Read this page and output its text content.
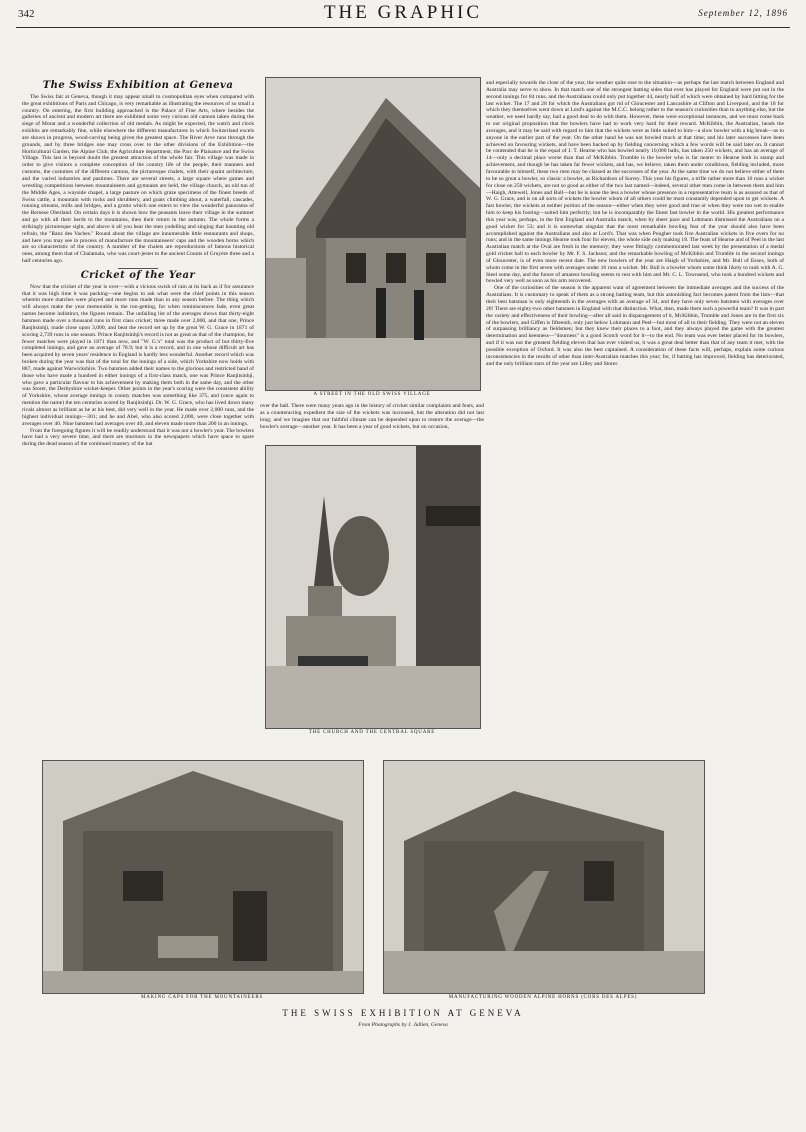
342	THE GRAPHIC	September 12, 1896
The Swiss Exhibition at Geneva

The Swiss fair at Geneva, though it may appear small to cosmopolitan eyes when compared with the great exhibitions of Paris and Chicago, is very remarkable as illustrating the resources of so small a country. On entering, the first building approached is the Palace of Fine Arts, where besides the galleries of ancient and modern art there are exhibited some very curious old cannon taken during the siege of Morat and a wonderful collection of old medals. As might be expected, the watch and clock exhibits are remarkably fine, while elsewhere the different manufactures in which Switzerland excels are shown in progress, wood-carving being given the greatest space. The River Arve runs through the grounds, and by three bridges one may cross over to the other divisions of the Exhibition—the Horticultural Garden, the Alpine Club, the Agriculture department, the Parc de Plaisance and the Swiss Village. This last is beyond doubt the greatest attraction of the whole fair. This village was made in order to give visitors a complete conception of the country life of the people, their manners and customs, the costumes of the different cantons, the picturesque chalets, with their quaint architecture, and the varied industries and pastimes. There are several streets, a large square where games and wrestling competitions between mountaineers and gymnasts are held, the village church, an old tun of the Middle Ages, a wayside chapel, a large pasture on which graze specimens of the finest breeds of Swiss cattle, a mountain with rocks and shrubbery, and goats climbing about, a waterfall, cascades, running streams, mills and bridges, and a grotto which one enters to view the wonderful panorama of the Bernese Oberland. On certain days it is shown how the peasants leave their village in the summer and go with all their herds to the mountains, then their return in the autumn. The whole forms a strikingly picturesque sight, and above it all you hear the men yodelling and singing that haunting old refrain, the "Ranz des Vaches." Round about the village are innumerable little restaurants and shops, and here you may see in process of manufacture the mountaineers' caps and the wooden horns which are so characteristic of the country. A number of the chalets are reproductions of famous historical ones, among them that of Chalamala, who was court-jester to the ancient Counts of Gruyère three and a half centuries ago.

Cricket of the Year

Now that the cricket of the year is over—with a vicious swish of rain at its back as if for assurance that it was high time it was packing—one begins to ask what were the chief points in this season wherein more matches were played and more runs made than in any season before. The thing which will always make the year memorable is the run-getting, for when reminiscences fade, even great names become indistinct, the figures remain. The unfailing list of the averages shows that thirty-eight batsmen made over a thousand runs in first class cricket; three made over 2,000, and that one, Prince Ranjitsinhji, made close upon 3,000, and beat the record set up by the great W. G. Grace in 1871 of scoring 2,739 runs in one season. Prince Ranjitsinhji's record is not as great as that of the champion, for fewer matches were played in 1871 than now, and "W. G.'s" total was the product of but thirty-five completed innings, and gave an average of 78.9; but it is a record, and in one whose difficult art has been acquired by seven years' residence in England is hardly less wonderful. Another record which was broken during the year was that of the total for the innings of a side, which Yorkshire now holds with 887, made against Warwickshire. Two batsmen added their names to the glorious and restricted band of those who have made a hundred in either innings of a first-class match, one was Prince Ranjitsinhji, who gave a particular flavour to his achievement by making them both in the same day, and the other was Storer, the Derbyshire wicket-keeper. Other points in the year's scoring were the consistent ability of Yorkshire, whose average innings in county matches was something like 375, and (once again to mention the name) the ten centuries scored by Ranjitsinhji. Dr. W. G. Grace, who has lived down many rivals almost as brilliant as he at his best, did very well in the year. He made over 2,000 runs, and the highest individual innings—301; and he and Abel, who also scored 2,000, were close together with averages over 40. Nine batsmen had averages over 40, and eleven made more than 200 in an innings.

From the foregoing figures it will be readily understood that it was not a bowler's year. The bowlers have had a very severe time, and there are murmurs in the newspapers which have space to spare during the dead season of the continued mastery of the bat

A STREET IN THE OLD SWISS VILLAGE

over the ball. There were many years ago in the history of cricket similar complaints and fears, and as a counteracting expedient the size of the wickets was increased, but the alteration did not last long; and we imagine that our faithful climate can be depended upon to restore the average—the bowler's average—another year. It has been a year of good wickets, but on occasion,

THE CHURCH AND THE CENTRAL SQUARE

and especially towards the close of the year, the weather quite rose to the situation—as perhaps the last match between England and Australia may serve to show. In that match one of the strongest batting sides that ever has played for England were put out in the second innings for 84 runs, and the Australians could only put together 44, nearly half of which were obtained by hard hitting for the last wicket. The 17 and 28 for which the Australians got rid of Gloucester and Lancashire at Clifton and Liverpool, and the 18 for which they themselves went down at Lord's against the M.C.C. belong rather to the season's curiosities than to anything else, but the weather, we need hardly say, had a good deal to do with them. However, these were exceptional instances, and we must come back to our original proposition that the bowlers have had to work very hard for their reward. McKibbin, the Australian, heads the averages, and it may be said with regard to him that the wickets were as little suited to him—a slow bowler with a big break—as to anyone in the earlier part of the year. On the other hand he was not bowled much at that time; and his later successes have been achieved on favouring wickets, and have been backed up by fielding concerning which a few words will be said later on. It cannot be contended that he is the equal of J. T. Hearne who has bowled nearly 10,000 balls, has taken 250 wickets, and has an average of 14—only a decimal place worse than that of McKibbin. Trumble is the bowler who is far nearer to Hearne both in stamp and achievement, and though he has taken far fewer wickets, and has, we believe, taken them under conditions, fielding included, more favourable to himself, these two men may be classed as the successes of the year. At the same time we do not believe either of them to be so great a bowler, so classic a bowler, as Richardson of Surrey. This year his figures, a trifle rather more than 16 runs a wicket for close on 250 wickets, are not so good as either of the two last named—indeed, several other men come in between them and him—Haigh, Attewell, Jones and Bull—but he is none the less a bowler whose presence in a representative team is as assured as that of W. G. Grace, and is on all sorts of wickets the bowler whom of all others could be most constantly depended upon to get wickets. A fast bowler, the wickets at neither portion of the season—either when they were good and true or when they were too wet to enable him to keep his footing—suited him perfectly; but he is incomparably the finest fast bowler in the world. His greatest performance this year was, perhaps, in the first England and Australia match, when by sheer pace and Lohmann dismissed the Australians on a good wicket for 53; and it is somewhat singular that the most remarkable bowling feat of the year should also have been accomplished against the Australians and also at Lord's. That was when Pougher took five Australian wickets in five overs for no runs; and in the same innings Hearne took four for eleven, the whole side only making 18. The feats of Hearne and of Peel in the last Australian match at the Oval are fresh in the memory; they were fittingly commemorated last week by the presentation of a medal gold cricket ball to each bowler by Mr. F. S. Jackson; and the remarkable bowling of McKibbin and Trumble in the second innings of Gloucester, is of even more recent date. The new bowlers of the year are Haigh of Yorkshire, and Mr. Bull of Essex, both of whom come in the first seven with averages under 16 runs a wicket. Mr. Bull is a bowler whom some think likely to rank with A. G. Steel some day, and the future of amateur bowling seems to rest with him and Mr. C. L. Townsend, who took a hundred wickets and bowled very well as soon as his arm recovered.

One of the curiosities of the season is the apparent want of agreement between the immediate averages and the success of the Australians. It is customary to speak of them as a strong batting team, but this astonishing fact becomes patent from the lists—that their best batsman is only eighteenth in the averages with an average of 34, and they have only seven batsmen with averages over 20! There are eighty-two other batsmen in England with that distinction. What, then, made them such a powerful team? It was in part the variety and effectiveness of their bowling—after all said in disparagement of it, McKibbin, Trumble and Jones are in the first six of the bowlers, and Giffen is fifteenth, only just below Lohmann and Peel—but most of all to their fielding. They were not an eleven of surpassing brilliancy as fieldsmen; but they knew their places to a foot, and they always played the game with the greatest determination and keenness—"dourness" is a good Scotch word for it—to the end. No team was ever better placed for its bowlers, and if it was not the greatest fielding eleven that has ever visited us, it was a great deal better than that of any team it met, with the possible exception of Oxford. It was also the best captained. A consideration of these facts will, perhaps, explain some curious inconsistencies in the results of other than inter-Australian matches this year; for, if batting has improved, fielding has deteriorated, and the only brilliant stars of the year are Lilley and Storer.

MAKING CAPS FOR THE MOUNTAINEERS	MANUFACTURING WOODEN ALPINE HORNS (CORS DES ALPES)
THE SWISS EXHIBITION AT GENEVA
From Photographs by J. Jullien, Geneva
